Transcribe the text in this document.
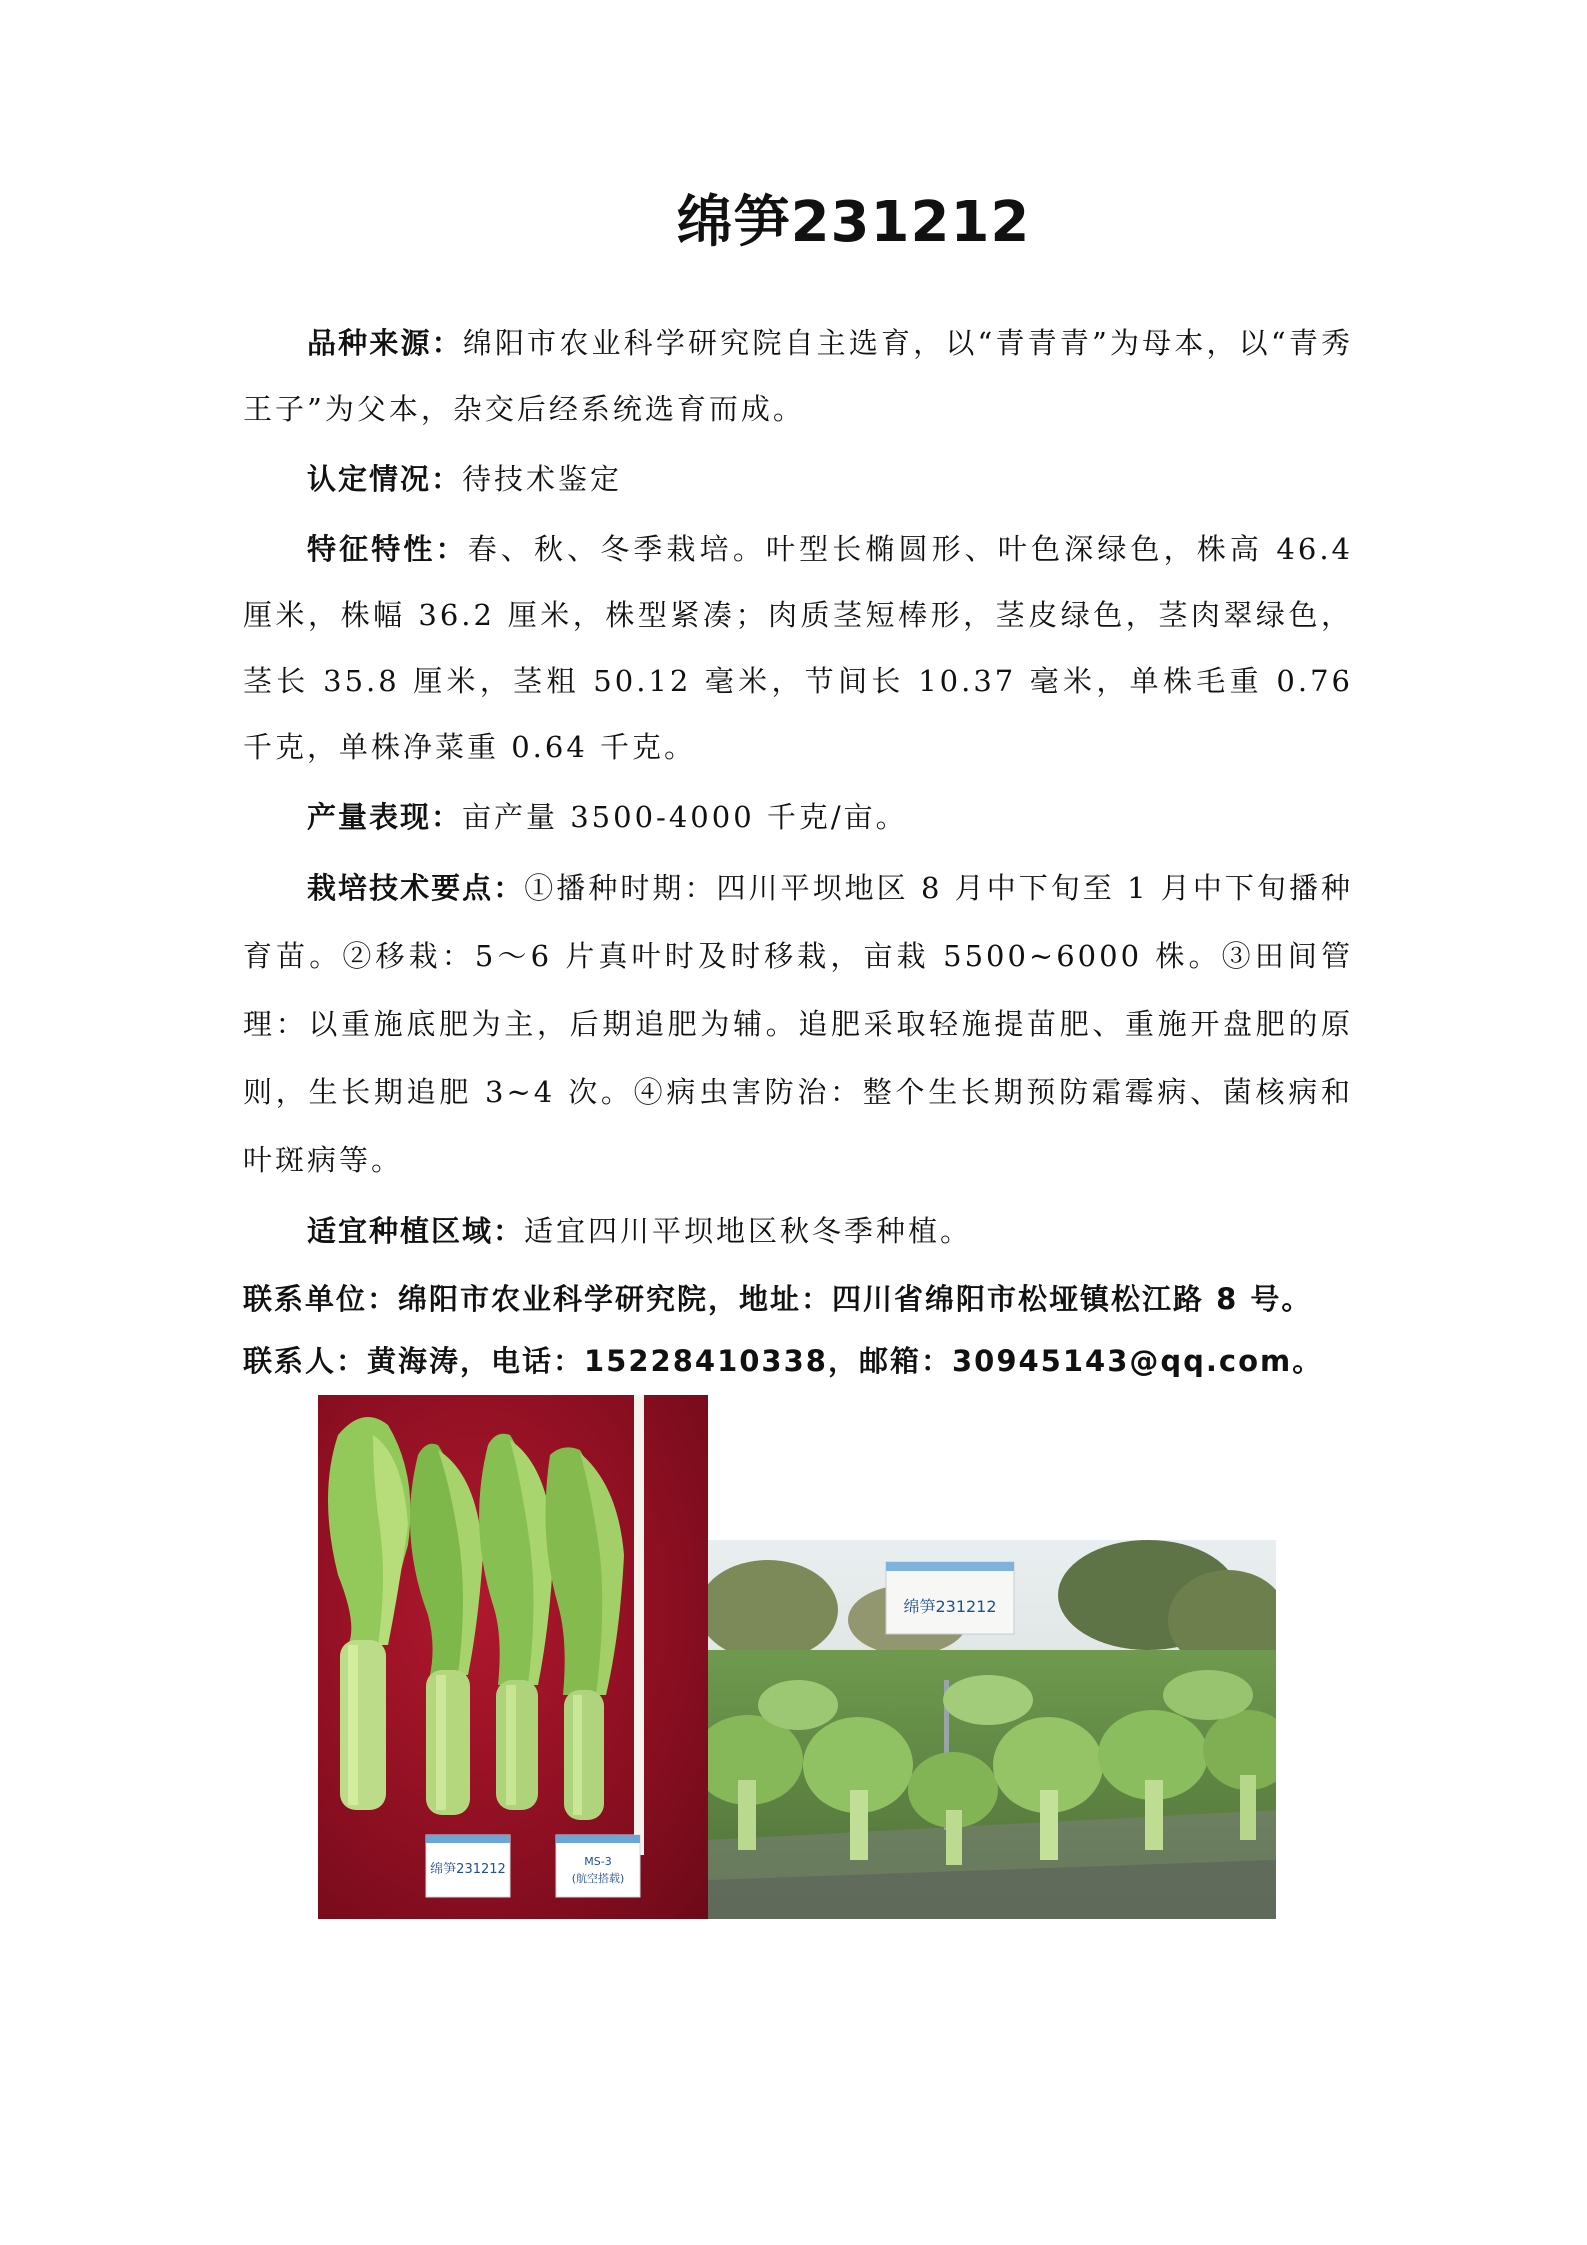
绵笋231212

品种来源：绵阳市农业科学研究院自主选育，以“青青青”为母本，以“青秀王子”为父本，杂交后经系统选育而成。

认定情况：待技术鉴定

特征特性：春、秋、冬季栽培。叶型长椭圆形、叶色深绿色，株高 46.4 厘米，株幅 36.2 厘米，株型紧凑；肉质茎短棒形，茎皮绿色，茎肉翠绿色，茎长 35.8 厘米，茎粗 50.12 毫米，节间长 10.37 毫米，单株毛重 0.76 千克，单株净菜重 0.64 千克。

产量表现：亩产量 3500-4000 千克/亩。

栽培技术要点：①播种时期：四川平坝地区 8 月中下旬至 1 月中下旬播种育苗。②移栽：5～6 片真叶时及时移栽，亩栽 5500~6000 株。③田间管理：以重施底肥为主，后期追肥为辅。追肥采取轻施提苗肥、重施开盘肥的原则，生长期追肥 3~4 次。④病虫害防治：整个生长期预防霜霉病、菌核病和叶斑病等。

适宜种植区域：适宜四川平坝地区秋冬季种植。

联系单位：绵阳市农业科学研究院，地址：四川省绵阳市松垭镇松江路 8 号。

联系人：黄海涛，电话：15228410338，邮箱：30945143@qq.com。

绵笋231212
MS-3
(航空搭载)
绵笋231212
